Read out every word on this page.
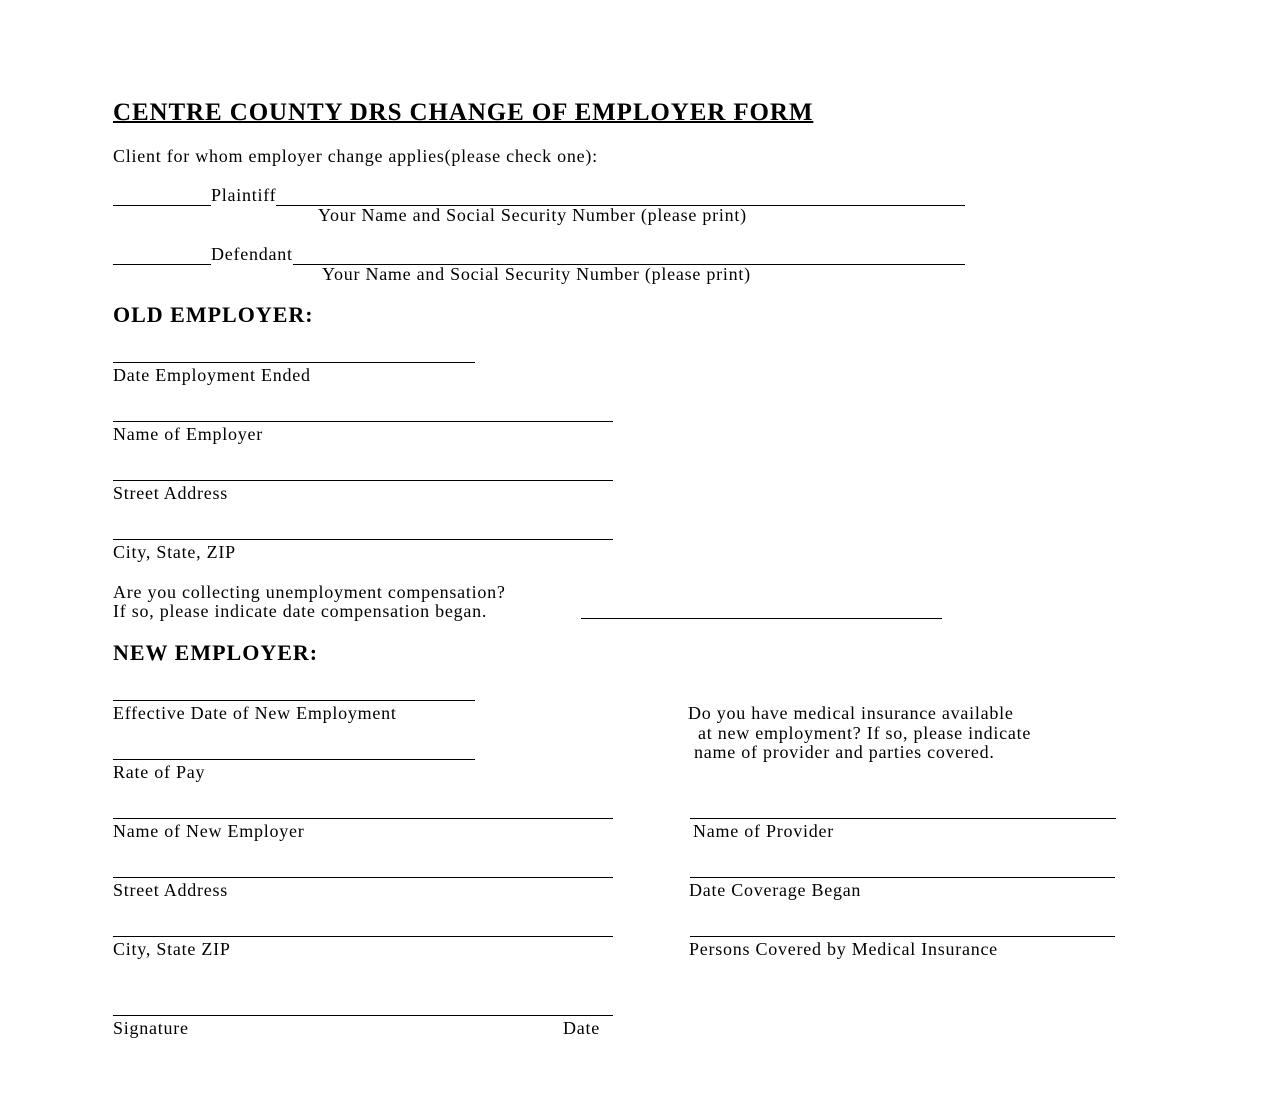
CENTRE COUNTY DRS CHANGE OF EMPLOYER FORM
Client for whom employer change applies(please check one):
Plaintiff
Your Name and Social Security Number (please print)
Defendant
Your Name and Social Security Number (please print)
OLD EMPLOYER:
Date Employment Ended
Name of Employer
Street Address
City, State, ZIP
Are you collecting unemployment compensation?
If so, please indicate date compensation began.
NEW EMPLOYER:
Effective Date of New Employment
Rate of Pay
Name of New Employer
Street Address
City, State ZIP
Do you have medical insurance available
at new employment? If so, please indicate
name of provider and parties covered.
Name of Provider
Date Coverage Began
Persons Covered by Medical Insurance
Signature	Date
